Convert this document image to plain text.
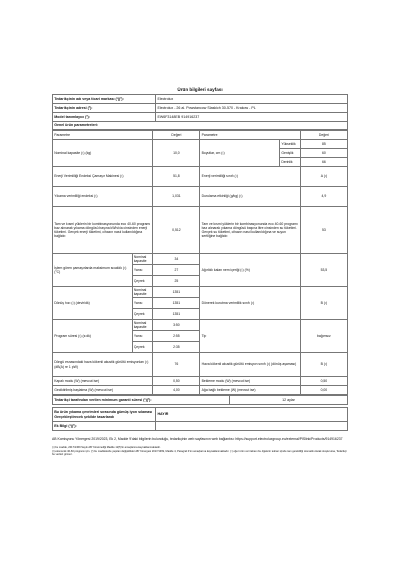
Ürün bilgileri sayfası
Tedarikçinin adı veya ticari markası (¹)(²):	Electrolux
Tedarikçinin adresi (²):	Electrolux - 26 al. Powstancow Slaskich 30-570 - Krakow - PL
Model tanımlayıcı (²):	EW6F3148EB 914916237
Genel ürün parametreleri:	
Parametre		Değeri	Parametre		Değeri
Nominal kapasite (¹) (kg)		10,0	Boyutlar, cm (¹)	Yükseklik	85
				Genişlik	60
				Derinlik	66
Enerji Verimliliği Endeksi Çamaşır Makinesi (¹)		51,8	Enerji verimliliği sınıfı (¹)		A (¹)
Yıkama verimliliği endeksi (¹)		1,031	Durulama etkinliği (g/kg) (¹)		4,9
Tam ve kısmi yüklerin bir kombinasyonunda eco 40-60 programı baz alınarak yıkama döngüsü başına kWh/cia cinsinden enerji tüketimi. Gerçek enerji tüketimi, cihazın nasıl kullanıldığına bağlıdır.		0,512	Tam ve kısmi yüklerin bir kombinasyonunda eco 40-60 programı baz alınarak yıkama döngüsü başına litre cinsinden su tüketimi. Gerçek su tüketimi, cihazın nasıl kullanıldığına ve suyun sertliğine bağlıdır.		53
İşlem gören çamaşırlarda maksimum sıcaklık (¹) (°C)	Nominal kapasite	34	Ağırlıklı kalan nem içeriği (¹) (%)		53,5
	Yarısı	27			
	Çeyrek	25			
Dönüş hızı (¹) (devir/dk)	Nominal kapasite	1351	Dönerek kurutma verimlilik sınıfı (¹)		B (¹)
	Yarısı	1351			
	Çeyrek	1351			
Program süresi (¹) (s:dk)	Nominal kapasite	3:50	Tip		bağımsız
	Yarısı	2:55			
	Çeyrek	2:35			
Döngü esnasındaki hava kökenli akustik gürültü emisyonları (¹) (dB(A) re 1 pW)		76	Hava kökenli akustik gürültü emisyon sınıfı (¹) (dönüş aşaması)		B (¹)
Kapalı modu (W) (mevcut ise)		0,50	Bekleme modu (W) (mevcut ise)		0,50
Geciktirilmiş başlatma (W) (mevcut ise)		4,00	Ağa bağlı bekleme (W) (mevcut ise)		0,00
Tedarikçi tarafından verilen minimum garanti süresi (¹)(²):	12 aylar
Bu ürün yıkama çevrimleri sırasında gümüş iyon sılaması Gerçekleştirecek şekilde tasarlandı	HAYIR
Ek Bilgi (¹)(²):	
AB Komisyonu Yönergesi 2019/2023, Ek 2, Madde 9'daki bilgilerin bulunduğu, tedarikçinin web sayfasının web bağlantısı: https://support.electroluxgroup.eu/external/PISlink/Products/914916237
(¹) bu madde, 2017/1369 Sayılı AB Yönetmeliği Madde 12(5)'in amaçlarına kaynaklanmaktadır.
(²) ekonomik 40-60 programı için. (³) bu maddelerde yapılan değişiklikler AB Yönergesi 2017/1369, Madde 4, Paragraf 4'ün amaçlarına kaynaklanmaktadır. (⁴) eğer ürün veri tabanı bu öğelerin tekrarı içinde tam gerekliliği otomatik olarak oluşturursa, Tedarikçi bu verileri girmez.
